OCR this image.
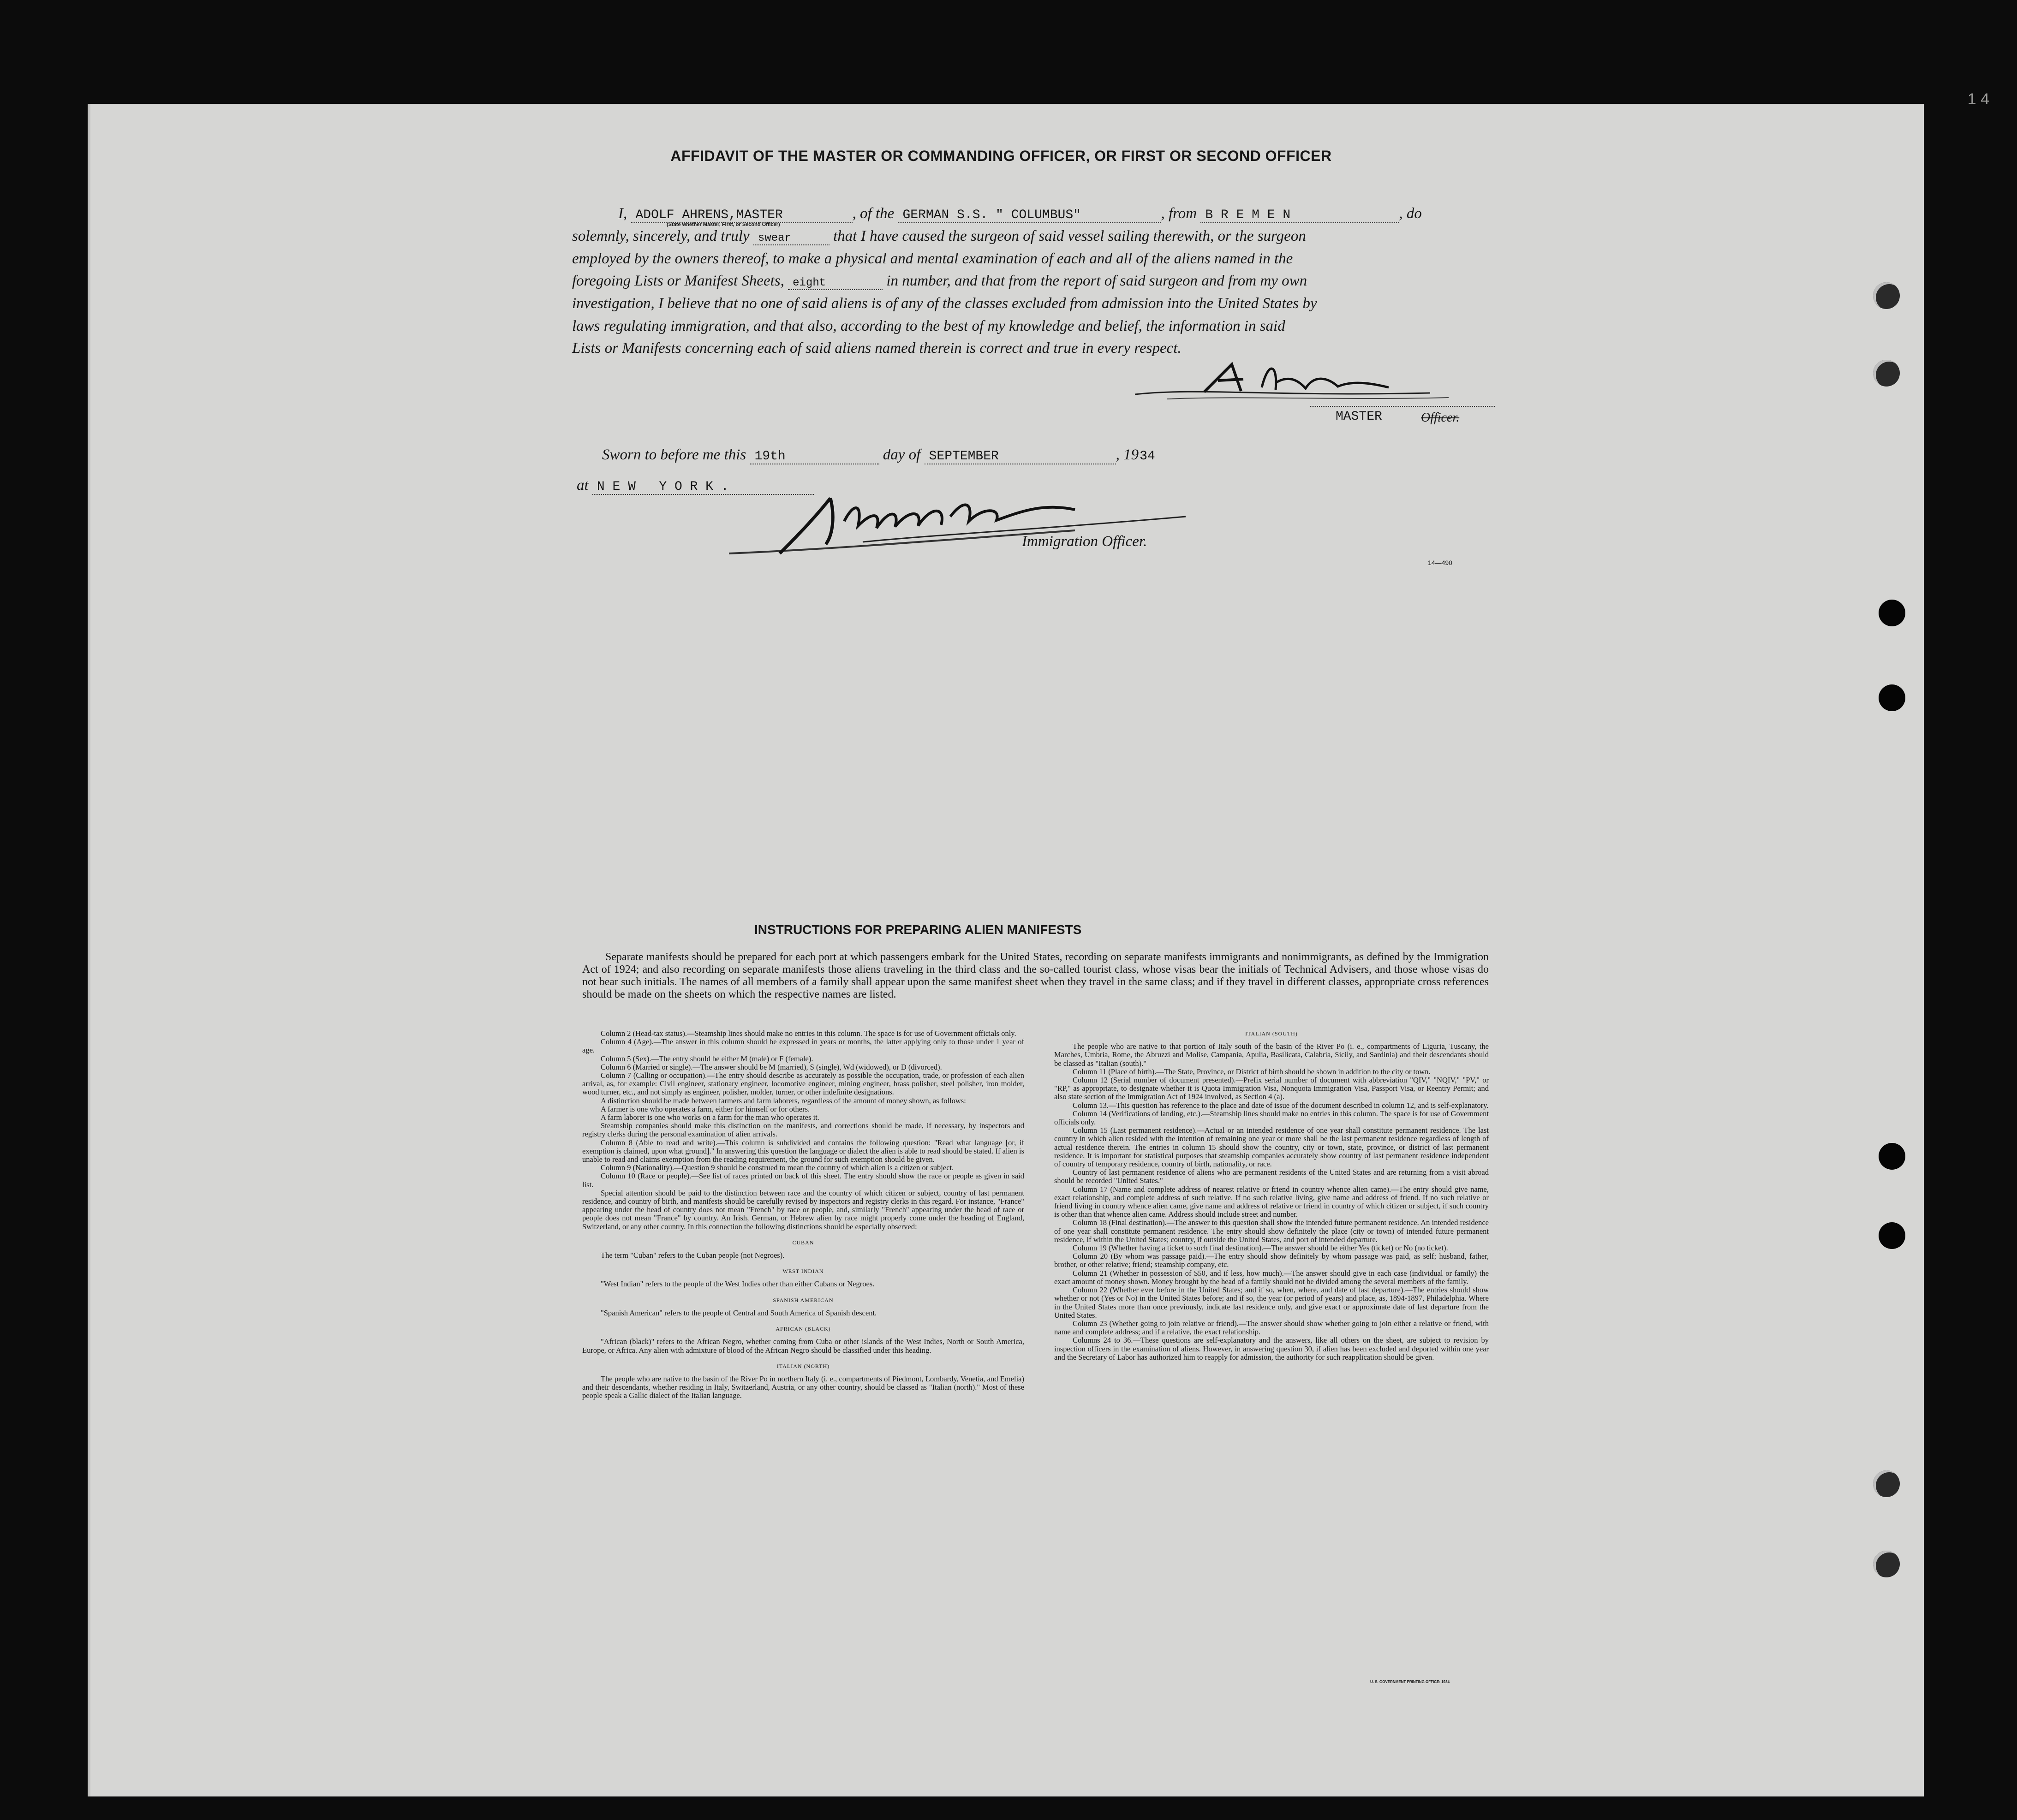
1 4
AFFIDAVIT OF THE MASTER OR COMMANDING OFFICER, OR FIRST OR SECOND OFFICER
I, ADOLF AHRENS,MASTER	, of the GERMAN S.S. " COLUMBUS"	, from B R E M E N	, do
(State whether Master, First, or Second Officer)
solemnly, sincerely, and truly swear	that I have caused the surgeon of said vessel sailing therewith, or the surgeon
employed by the owners thereof, to make a physical and mental examination of each and all of the aliens named in the
foregoing Lists or Manifest Sheets, eight	in number, and that from the report of said surgeon and from my own
investigation, I believe that no one of said aliens is of any of the classes excluded from admission into the United States by
laws regulating immigration, and that also, according to the best of my knowledge and belief, the information in said
Lists or Manifests concerning each of said aliens named therein is correct and true in every respect.
MASTER	Officer.
Sworn to before me this 19th	day of SEPTEMBER	, 1934
at N E W   Y O R K .
Immigration Officer.
14—490
INSTRUCTIONS FOR PREPARING ALIEN MANIFESTS
Separate manifests should be prepared for each port at which passengers embark for the United States, recording on separate manifests immigrants and nonimmigrants, as defined by the Immigration Act of 1924; and also recording on separate manifests those aliens traveling in the third class and the so-called tourist class, whose visas bear the initials of Technical Advisers, and those whose visas do not bear such initials. The names of all members of a family shall appear upon the same manifest sheet when they travel in the same class; and if they travel in different classes, appropriate cross references should be made on the sheets on which the respective names are listed.

Column 2 (Head-tax status).—Steamship lines should make no entries in this column. The space is for use of Government officials only.

Column 4 (Age).—The answer in this column should be expressed in years or months, the latter applying only to those under 1 year of age.

Column 5 (Sex).—The entry should be either M (male) or F (female).

Column 6 (Married or single).—The answer should be M (married), S (single), Wd (widowed), or D (divorced).

Column 7 (Calling or occupation).—The entry should describe as accurately as possible the occupation, trade, or profession of each alien arrival, as, for example: Civil engineer, stationary engineer, locomotive engineer, mining engineer, brass polisher, steel polisher, iron molder, wood turner, etc., and not simply as engineer, polisher, molder, turner, or other indefinite designations.

A distinction should be made between farmers and farm laborers, regardless of the amount of money shown, as follows:

A farmer is one who operates a farm, either for himself or for others.

A farm laborer is one who works on a farm for the man who operates it.

Steamship companies should make this distinction on the manifests, and corrections should be made, if necessary, by inspectors and registry clerks during the personal examination of alien arrivals.

Column 8 (Able to read and write).—This column is subdivided and contains the following question: "Read what language [or, if exemption is claimed, upon what ground]." In answering this question the language or dialect the alien is able to read should be stated. If alien is unable to read and claims exemption from the reading requirement, the ground for such exemption should be given.

Column 9 (Nationality).—Question 9 should be construed to mean the country of which alien is a citizen or subject.

Column 10 (Race or people).—See list of races printed on back of this sheet. The entry should show the race or people as given in said list.

Special attention should be paid to the distinction between race and the country of which citizen or subject, country of last permanent residence, and country of birth, and manifests should be carefully revised by inspectors and registry clerks in this regard. For instance, "France" appearing under the head of country does not mean "French" by race or people, and, similarly "French" appearing under the head of race or people does not mean "France" by country. An Irish, German, or Hebrew alien by race might properly come under the heading of England, Switzerland, or any other country. In this connection the following distinctions should be especially observed:

CUBAN

The term "Cuban" refers to the Cuban people (not Negroes).

WEST INDIAN

"West Indian" refers to the people of the West Indies other than either Cubans or Negroes.

SPANISH AMERICAN

"Spanish American" refers to the people of Central and South America of Spanish descent.

AFRICAN (BLACK)

"African (black)" refers to the African Negro, whether coming from Cuba or other islands of the West Indies, North or South America, Europe, or Africa. Any alien with admixture of blood of the African Negro should be classified under this heading.

ITALIAN (NORTH)

The people who are native to the basin of the River Po in northern Italy (i. e., compartments of Piedmont, Lombardy, Venetia, and Emelia) and their descendants, whether residing in Italy, Switzerland, Austria, or any other country, should be classed as "Italian (north)." Most of these people speak a Gallic dialect of the Italian language.

ITALIAN (SOUTH)

The people who are native to that portion of Italy south of the basin of the River Po (i. e., compartments of Liguria, Tuscany, the Marches, Umbria, Rome, the Abruzzi and Molise, Campania, Apulia, Basilicata, Calabria, Sicily, and Sardinia) and their descendants should be classed as "Italian (south)."

Column 11 (Place of birth).—The State, Province, or District of birth should be shown in addition to the city or town.

Column 12 (Serial number of document presented).—Prefix serial number of document with abbreviation "QIV," "NQIV," "PV," or "RP," as appropriate, to designate whether it is Quota Immigration Visa, Nonquota Immigration Visa, Passport Visa, or Reentry Permit; and also state section of the Immigration Act of 1924 involved, as Section 4 (a).

Column 13.—This question has reference to the place and date of issue of the document described in column 12, and is self-explanatory.

Column 14 (Verifications of landing, etc.).—Steamship lines should make no entries in this column. The space is for use of Government officials only.

Column 15 (Last permanent residence).—Actual or an intended residence of one year shall constitute permanent residence. The last country in which alien resided with the intention of remaining one year or more shall be the last permanent residence regardless of length of actual residence therein. The entries in column 15 should show the country, city or town, state, province, or district of last permanent residence. It is important for statistical purposes that steamship companies accurately show country of last permanent residence independent of country of temporary residence, country of birth, nationality, or race.

Country of last permanent residence of aliens who are permanent residents of the United States and are returning from a visit abroad should be recorded "United States."

Column 17 (Name and complete address of nearest relative or friend in country whence alien came).—The entry should give name, exact relationship, and complete address of such relative. If no such relative living, give name and address of friend. If no such relative or friend living in country whence alien came, give name and address of relative or friend in country of which citizen or subject, if such country is other than that whence alien came. Address should include street and number.

Column 18 (Final destination).—The answer to this question shall show the intended future permanent residence. An intended residence of one year shall constitute permanent residence. The entry should show definitely the place (city or town) of intended future permanent residence, if within the United States; country, if outside the United States, and port of intended departure.

Column 19 (Whether having a ticket to such final destination).—The answer should be either Yes (ticket) or No (no ticket).

Column 20 (By whom was passage paid).—The entry should show definitely by whom passage was paid, as self; husband, father, brother, or other relative; friend; steamship company, etc.

Column 21 (Whether in possession of $50, and if less, how much).—The answer should give in each case (individual or family) the exact amount of money shown. Money brought by the head of a family should not be divided among the several members of the family.

Column 22 (Whether ever before in the United States; and if so, when, where, and date of last departure).—The entries should show whether or not (Yes or No) in the United States before; and if so, the year (or period of years) and place, as, 1894-1897, Philadelphia. Where in the United States more than once previously, indicate last residence only, and give exact or approximate date of last departure from the United States.

Column 23 (Whether going to join relative or friend).—The answer should show whether going to join either a relative or friend, with name and complete address; and if a relative, the exact relationship.

Columns 24 to 36.—These questions are self-explanatory and the answers, like all others on the sheet, are subject to revision by inspection officers in the examination of aliens. However, in answering question 30, if alien has been excluded and deported within one year and the Secretary of Labor has authorized him to reapply for admission, the authority for such reapplication should be given.

U. S. GOVERNMENT PRINTING OFFICE: 1934
